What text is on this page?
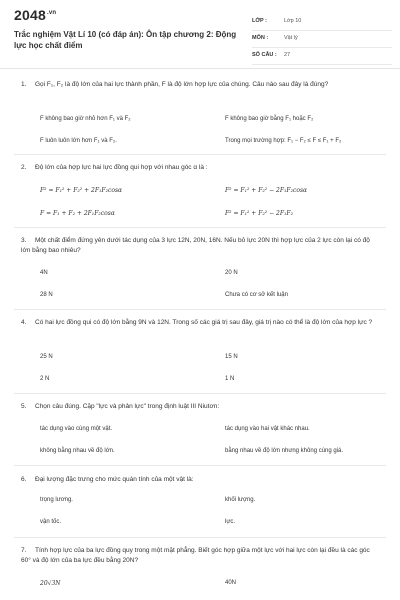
$2048^{.vn}$
Trắc nghiệm Vật Lí 10 (có đáp án): Ôn tập chương 2: Động lực học chất điểm
LỚP :	Lớp 10
MÔN :	Vật lý
SỐ CÂU : 27
1. Gọi F₁, F₂ là độ lớn của hai lực thành phần, F là độ lớn hợp lực của chúng. Câu nào sau đây là đúng?
F không bao giờ nhỏ hơn F₁ và F₂	F không bao giờ bằng F₁ hoặc F₂
F luôn luôn lớn hơn F₁ và F₂.	Trong mọi trường hợp: F₁ − F₂ ≤ F ≤ F₁ + F₂
2. Độ lớn của hợp lực hai lực đồng qui hợp với nhau góc α là :
F² = F₁² + F₂² + 2F₁F₂cosα	F² = F₁² + F₂² − 2F₁F₂cosα
F = F₁ + F₂ + 2F₁F₂cosα	F² = F₁² + F₂² − 2F₁F₂
3. Một chất điểm đứng yên dưới tác dụng của 3 lực 12N, 20N, 16N. Nếu bỏ lực 20N thì hợp lực của 2 lực còn lại có độ lớn bằng bao nhiêu?
4N	20 N
28 N	Chưa có cơ sở kết luận
4. Có hai lực đồng qui có độ lớn bằng 9N và 12N. Trong số các giá trị sau đây, giá trị nào có thể là độ lớn của hợp lực ?
25 N	15 N
2 N	1 N
5. Chọn câu đúng. Cặp "lực và phản lực" trong định luật III Niutơn:
tác dụng vào cùng một vật.	tác dụng vào hai vật khác nhau.
không bằng nhau về độ lớn.	bằng nhau về độ lớn nhưng không cùng giá.
6. Đại lượng đặc trưng cho mức quán tính của một vật là:
trọng lương.	khối lượng.
vận tốc.	lực.
7. Tính hợp lực của ba lực đồng quy trong một mặt phẳng. Biết góc hợp giữa một lực với hai lực còn lại đều là các góc 60° và độ lớn của ba lực đều bằng 20N?
20√3N	40N
